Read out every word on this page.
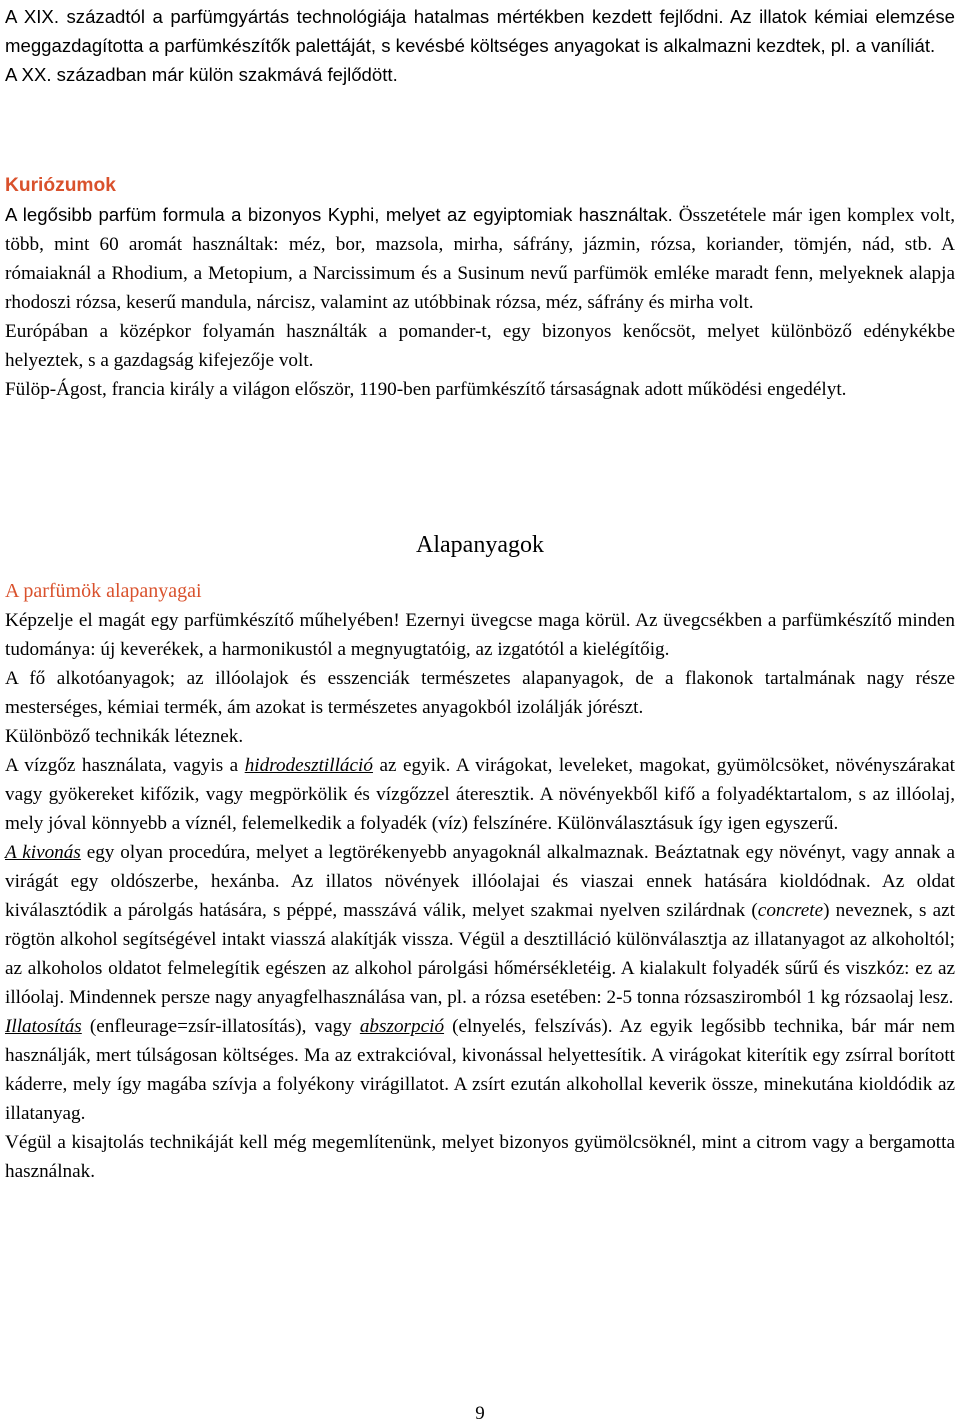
A XIX. századtól a parfümgyártás technológiája hatalmas mértékben kezdett fejlődni. Az illatok kémiai elemzése meggazdagította a parfümkészítők palettáját, s kevésbé költséges anyagokat is alkalmazni kezdtek, pl. a vaníliát.

A XX. században már külön szakmává fejlődött.

Kuriózumok

A legősibb parfüm formula a bizonyos Kyphi, melyet az egyiptomiak használtak. Összetétele már igen komplex volt, több, mint 60 aromát használtak: méz, bor, mazsola, mirha, sáfrány, jázmin, rózsa, koriander, tömjén, nád, stb. A rómaiaknál a Rhodium, a Metopium, a Narcissimum és a Susinum nevű parfümök emléke maradt fenn, melyeknek alapja rhodoszi rózsa, keserű mandula, nárcisz, valamint az utóbbinak rózsa, méz, sáfrány és mirha volt.

Európában a középkor folyamán használták a pomander-t, egy bizonyos kenőcsöt, melyet különböző edénykékbe helyeztek, s a gazdagság kifejezője volt.

Fülöp-Ágost, francia király a világon először, 1190-ben parfümkészítő társaságnak adott működési engedélyt.

Alapanyagok

A parfümök alapanyagai

Képzelje el magát egy parfümkészítő műhelyében! Ezernyi üvegcse maga körül. Az üvegcsékben a parfümkészítő minden tudománya: új keverékek, a harmonikustól a megnyugtatóig, az izgatótól a kielégítőig.

A fő alkotóanyagok; az illóolajok és esszenciák természetes alapanyagok, de a flakonok tartalmának nagy része mesterséges, kémiai termék, ám azokat is természetes anyagokból izolálják jórészt.

Különböző technikák léteznek.

A vízgőz használata, vagyis a hidrodesztilláció az egyik. A virágokat, leveleket, magokat, gyümölcsöket, növényszárakat vagy gyökereket kifőzik, vagy megpörkölik és vízgőzzel áteresztik. A növényekből kifő a folyadéktartalom, s az illóolaj, mely jóval könnyebb a víznél, felemelkedik a folyadék (víz) felszínére. Különválasztásuk így igen egyszerű.

A kivonás egy olyan procedúra, melyet a legtörékenyebb anyagoknál alkalmaznak. Beáztatnak egy növényt, vagy annak a virágát egy oldószerbe, hexánba. Az illatos növények illóolajai és viaszai ennek hatására kioldódnak. Az oldat kiválasztódik a párolgás hatására, s péppé, masszává válik, melyet szakmai nyelven szilárdnak (concrete) neveznek, s azt rögtön alkohol segítségével intakt viasszá alakítják vissza. Végül a desztilláció különválasztja az illatanyagot az alkoholtól; az alkoholos oldatot felmelegítik egészen az alkohol párolgási hőmérsékletéig. A kialakult folyadék sűrű és viszkóz: ez az illóolaj. Mindennek persze nagy anyagfelhasználása van, pl. a rózsa esetében: 2-5 tonna rózsasziromból 1 kg rózsaolaj lesz.

Illatosítás (enfleurage=zsír-illatosítás), vagy abszorpció (elnyelés, felszívás). Az egyik legősibb technika, bár már nem használják, mert túlságosan költséges. Ma az extrakcióval, kivonással helyettesítik. A virágokat kiterítik egy zsírral borított káderre, mely így magába szívja a folyékony virágillatot. A zsírt ezután alkohollal keverik össze, minekutána kioldódik az illatanyag.

Végül a kisajtolás technikáját kell még megemlítenünk, melyet bizonyos gyümölcsöknél, mint a citrom vagy a bergamotta használnak.

9
